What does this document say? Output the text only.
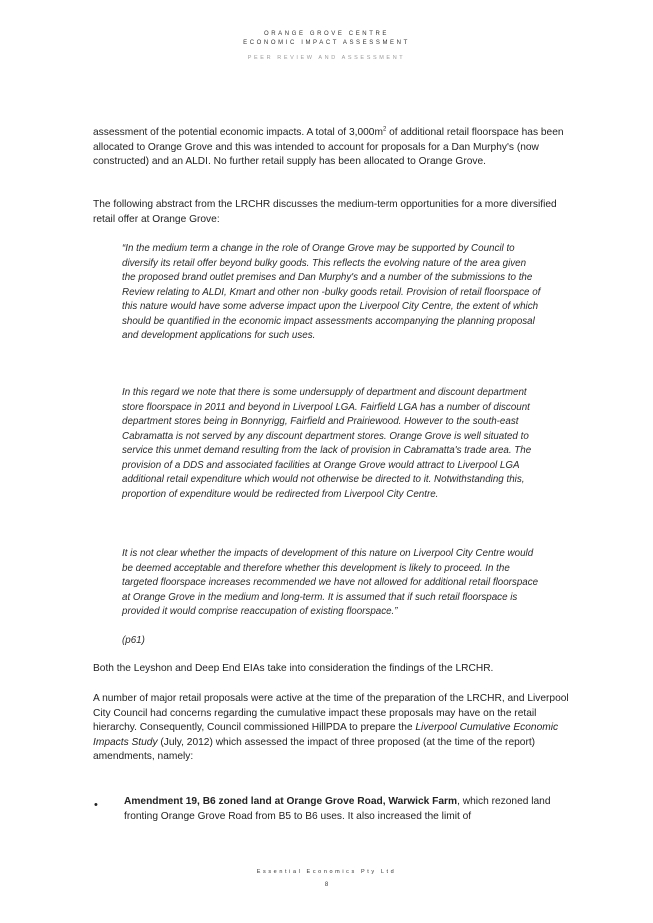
ORANGE GROVE CENTRE
ECONOMIC IMPACT ASSESSMENT
PEER REVIEW AND ASSESSMENT
assessment of the potential economic impacts. A total of $3,000m^2$ of additional retail floorspace has been allocated to Orange Grove and this was intended to account for proposals for a Dan Murphy's (now constructed) and an ALDI. No further retail supply has been allocated to Orange Grove.
The following abstract from the LRCHR discusses the medium-term opportunities for a more diversified retail offer at Orange Grove:
“In the medium term a change in the role of Orange Grove may be supported by Council to diversify its retail offer beyond bulky goods. This reflects the evolving nature of the area given the proposed brand outlet premises and Dan Murphy's and a number of the submissions to the Review relating to ALDI, Kmart and other non -bulky goods retail. Provision of retail floorspace of this nature would have some adverse impact upon the Liverpool City Centre, the extent of which should be quantified in the economic impact assessments accompanying the planning proposal and development applications for such uses.
In this regard we note that there is some undersupply of department and discount department store floorspace in 2011 and beyond in Liverpool LGA. Fairfield LGA has a number of discount department stores being in Bonnyrigg, Fairfield and Prairiewood. However to the south-east Cabramatta is not served by any discount department stores. Orange Grove is well situated to service this unmet demand resulting from the lack of provision in Cabramatta's trade area. The provision of a DDS and associated facilities at Orange Grove would attract to Liverpool LGA additional retail expenditure which would not otherwise be directed to it. Notwithstanding this, proportion of expenditure would be redirected from Liverpool City Centre.
It is not clear whether the impacts of development of this nature on Liverpool City Centre would be deemed acceptable and therefore whether this development is likely to proceed. In the targeted floorspace increases recommended we have not allowed for additional retail floorspace at Orange Grove in the medium and long-term. It is assumed that if such retail floorspace is provided it would comprise reaccupation of existing floorspace.”
(p61)
Both the Leyshon and Deep End EIAs take into consideration the findings of the LRCHR.
A number of major retail proposals were active at the time of the preparation of the LRCHR, and Liverpool City Council had concerns regarding the cumulative impact these proposals may have on the retail hierarchy. Consequently, Council commissioned HillPDA to prepare the Liverpool Cumulative Economic Impacts Study (July, 2012) which assessed the impact of three proposed (at the time of the report) amendments, namely:
•	Amendment 19, B6 zoned land at Orange Grove Road, Warwick Farm, which rezoned land fronting Orange Grove Road from B5 to B6 uses. It also increased the limit of
Essential Economics Pty Ltd
8
